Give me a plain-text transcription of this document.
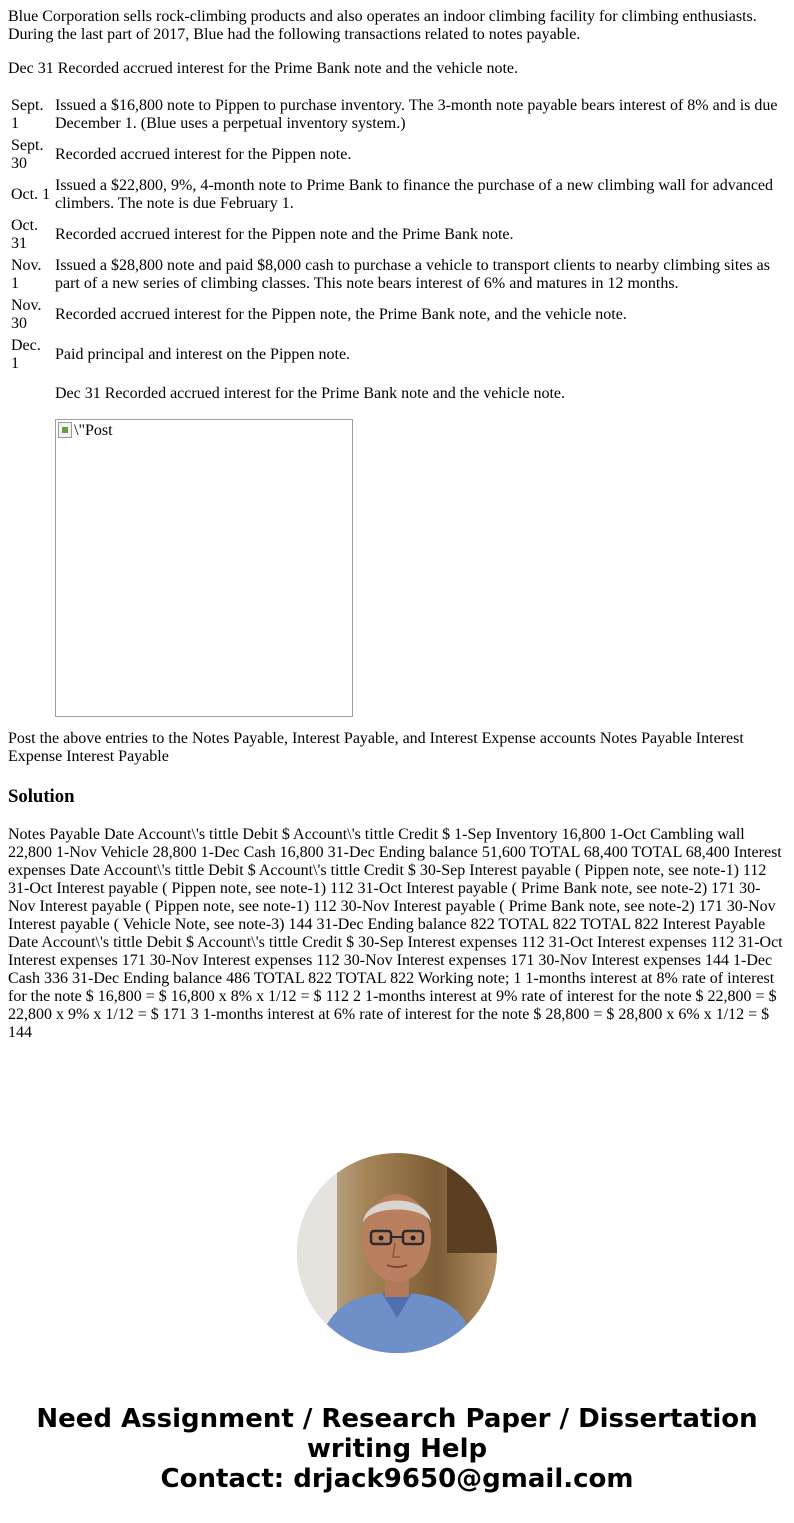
Blue Corporation sells rock-climbing products and also operates an indoor climbing facility for climbing enthusiasts. During the last part of 2017, Blue had the following transactions related to notes payable.

Dec 31 Recorded accrued interest for the Prime Bank note and the vehicle note.

Sept. 1	Issued a $16,800 note to Pippen to purchase inventory. The 3-month note payable bears interest of 8% and is due December 1. (Blue uses a perpetual inventory system.)
Sept. 30	Recorded accrued interest for the Pippen note.
Oct. 1	Issued a $22,800, 9%, 4-month note to Prime Bank to finance the purchase of a new climbing wall for advanced climbers. The note is due February 1.
Oct. 31	Recorded accrued interest for the Pippen note and the Prime Bank note.
Nov. 1	Issued a $28,800 note and paid $8,000 cash to purchase a vehicle to transport clients to nearby climbing sites as part of a new series of climbing classes. This note bears interest of 6% and matures in 12 months.
Nov. 30	Recorded accrued interest for the Pippen note, the Prime Bank note, and the vehicle note.
Dec. 1	Paid principal and interest on the Pippen note.

	Dec 31 Recorded accrued interest for the Prime Bank note and the vehicle note.

\"Post

Post the above entries to the Notes Payable, Interest Payable, and Interest Expense accounts Notes Payable Interest Expense Interest Payable

Solution

Notes Payable Date Account\'s tittle Debit $ Account\'s tittle Credit $ 1-Sep Inventory 16,800 1-Oct Cambling wall 22,800 1-Nov Vehicle 28,800 1-Dec Cash 16,800 31-Dec Ending balance 51,600 TOTAL 68,400 TOTAL 68,400 Interest expenses Date Account\'s tittle Debit $ Account\'s tittle Credit $ 30-Sep Interest payable ( Pippen note, see note-1) 112 31-Oct Interest payable ( Pippen note, see note-1) 112 31-Oct Interest payable ( Prime Bank note, see note-2) 171 30-Nov Interest payable ( Pippen note, see note-1) 112 30-Nov Interest payable ( Prime Bank note, see note-2) 171 30-Nov Interest payable ( Vehicle Note, see note-3) 144 31-Dec Ending balance 822 TOTAL 822 TOTAL 822 Interest Payable Date Account\'s tittle Debit $ Account\'s tittle Credit $ 30-Sep Interest expenses 112 31-Oct Interest expenses 112 31-Oct Interest expenses 171 30-Nov Interest expenses 112 30-Nov Interest expenses 171 30-Nov Interest expenses 144 1-Dec Cash 336 31-Dec Ending balance 486 TOTAL 822 TOTAL 822 Working note; 1 1-months interest at 8% rate of interest for the note $ 16,800 = $ 16,800 x 8% x 1/12 = $ 112 2 1-months interest at 9% rate of interest for the note $ 22,800 = $ 22,800 x 9% x 1/12 = $ 171 3 1-months interest at 6% rate of interest for the note $ 28,800 = $ 28,800 x 6% x 1/12 = $ 144

Need Assignment / Research Paper / Dissertation
writing Help
Contact: drjack9650@gmail.com
